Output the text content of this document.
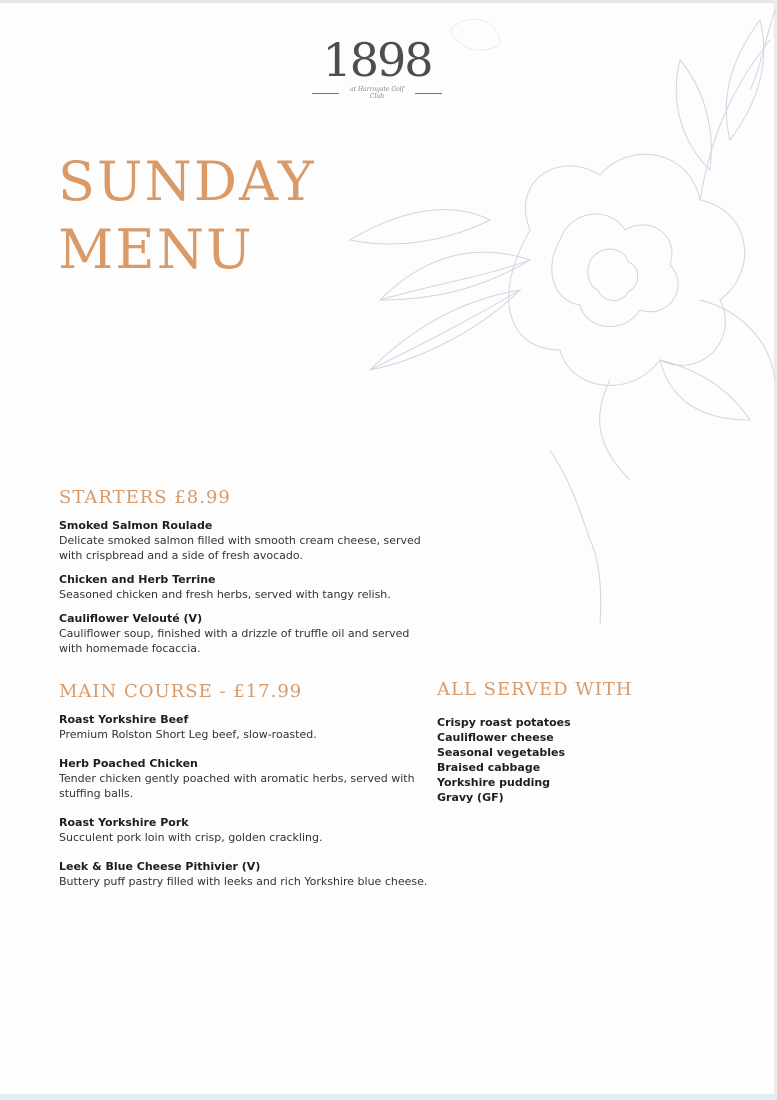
1898
at Harrogate Golf Club
SUNDAY
MENU
STARTERS £8.99
Smoked Salmon Roulade
Delicate smoked salmon filled with smooth cream cheese, served with crispbread and a side of fresh avocado.
Chicken and Herb Terrine
Seasoned chicken and fresh herbs, served with tangy relish.
Cauliflower Velouté (V)
Cauliflower soup, finished with a drizzle of truffle oil and served with homemade focaccia.
MAIN COURSE - £17.99
Roast Yorkshire Beef
Premium Rolston Short Leg beef, slow-roasted.
Herb Poached Chicken
Tender chicken gently poached with aromatic herbs, served with stuffing balls.
Roast Yorkshire Pork
Succulent pork loin with crisp, golden crackling.
Leek & Blue Cheese Pithivier (V)
Buttery puff pastry filled with leeks and rich Yorkshire blue cheese.
ALL SERVED WITH
Crispy roast potatoes
Cauliflower cheese
Seasonal vegetables
Braised cabbage
Yorkshire pudding
Gravy (GF)
